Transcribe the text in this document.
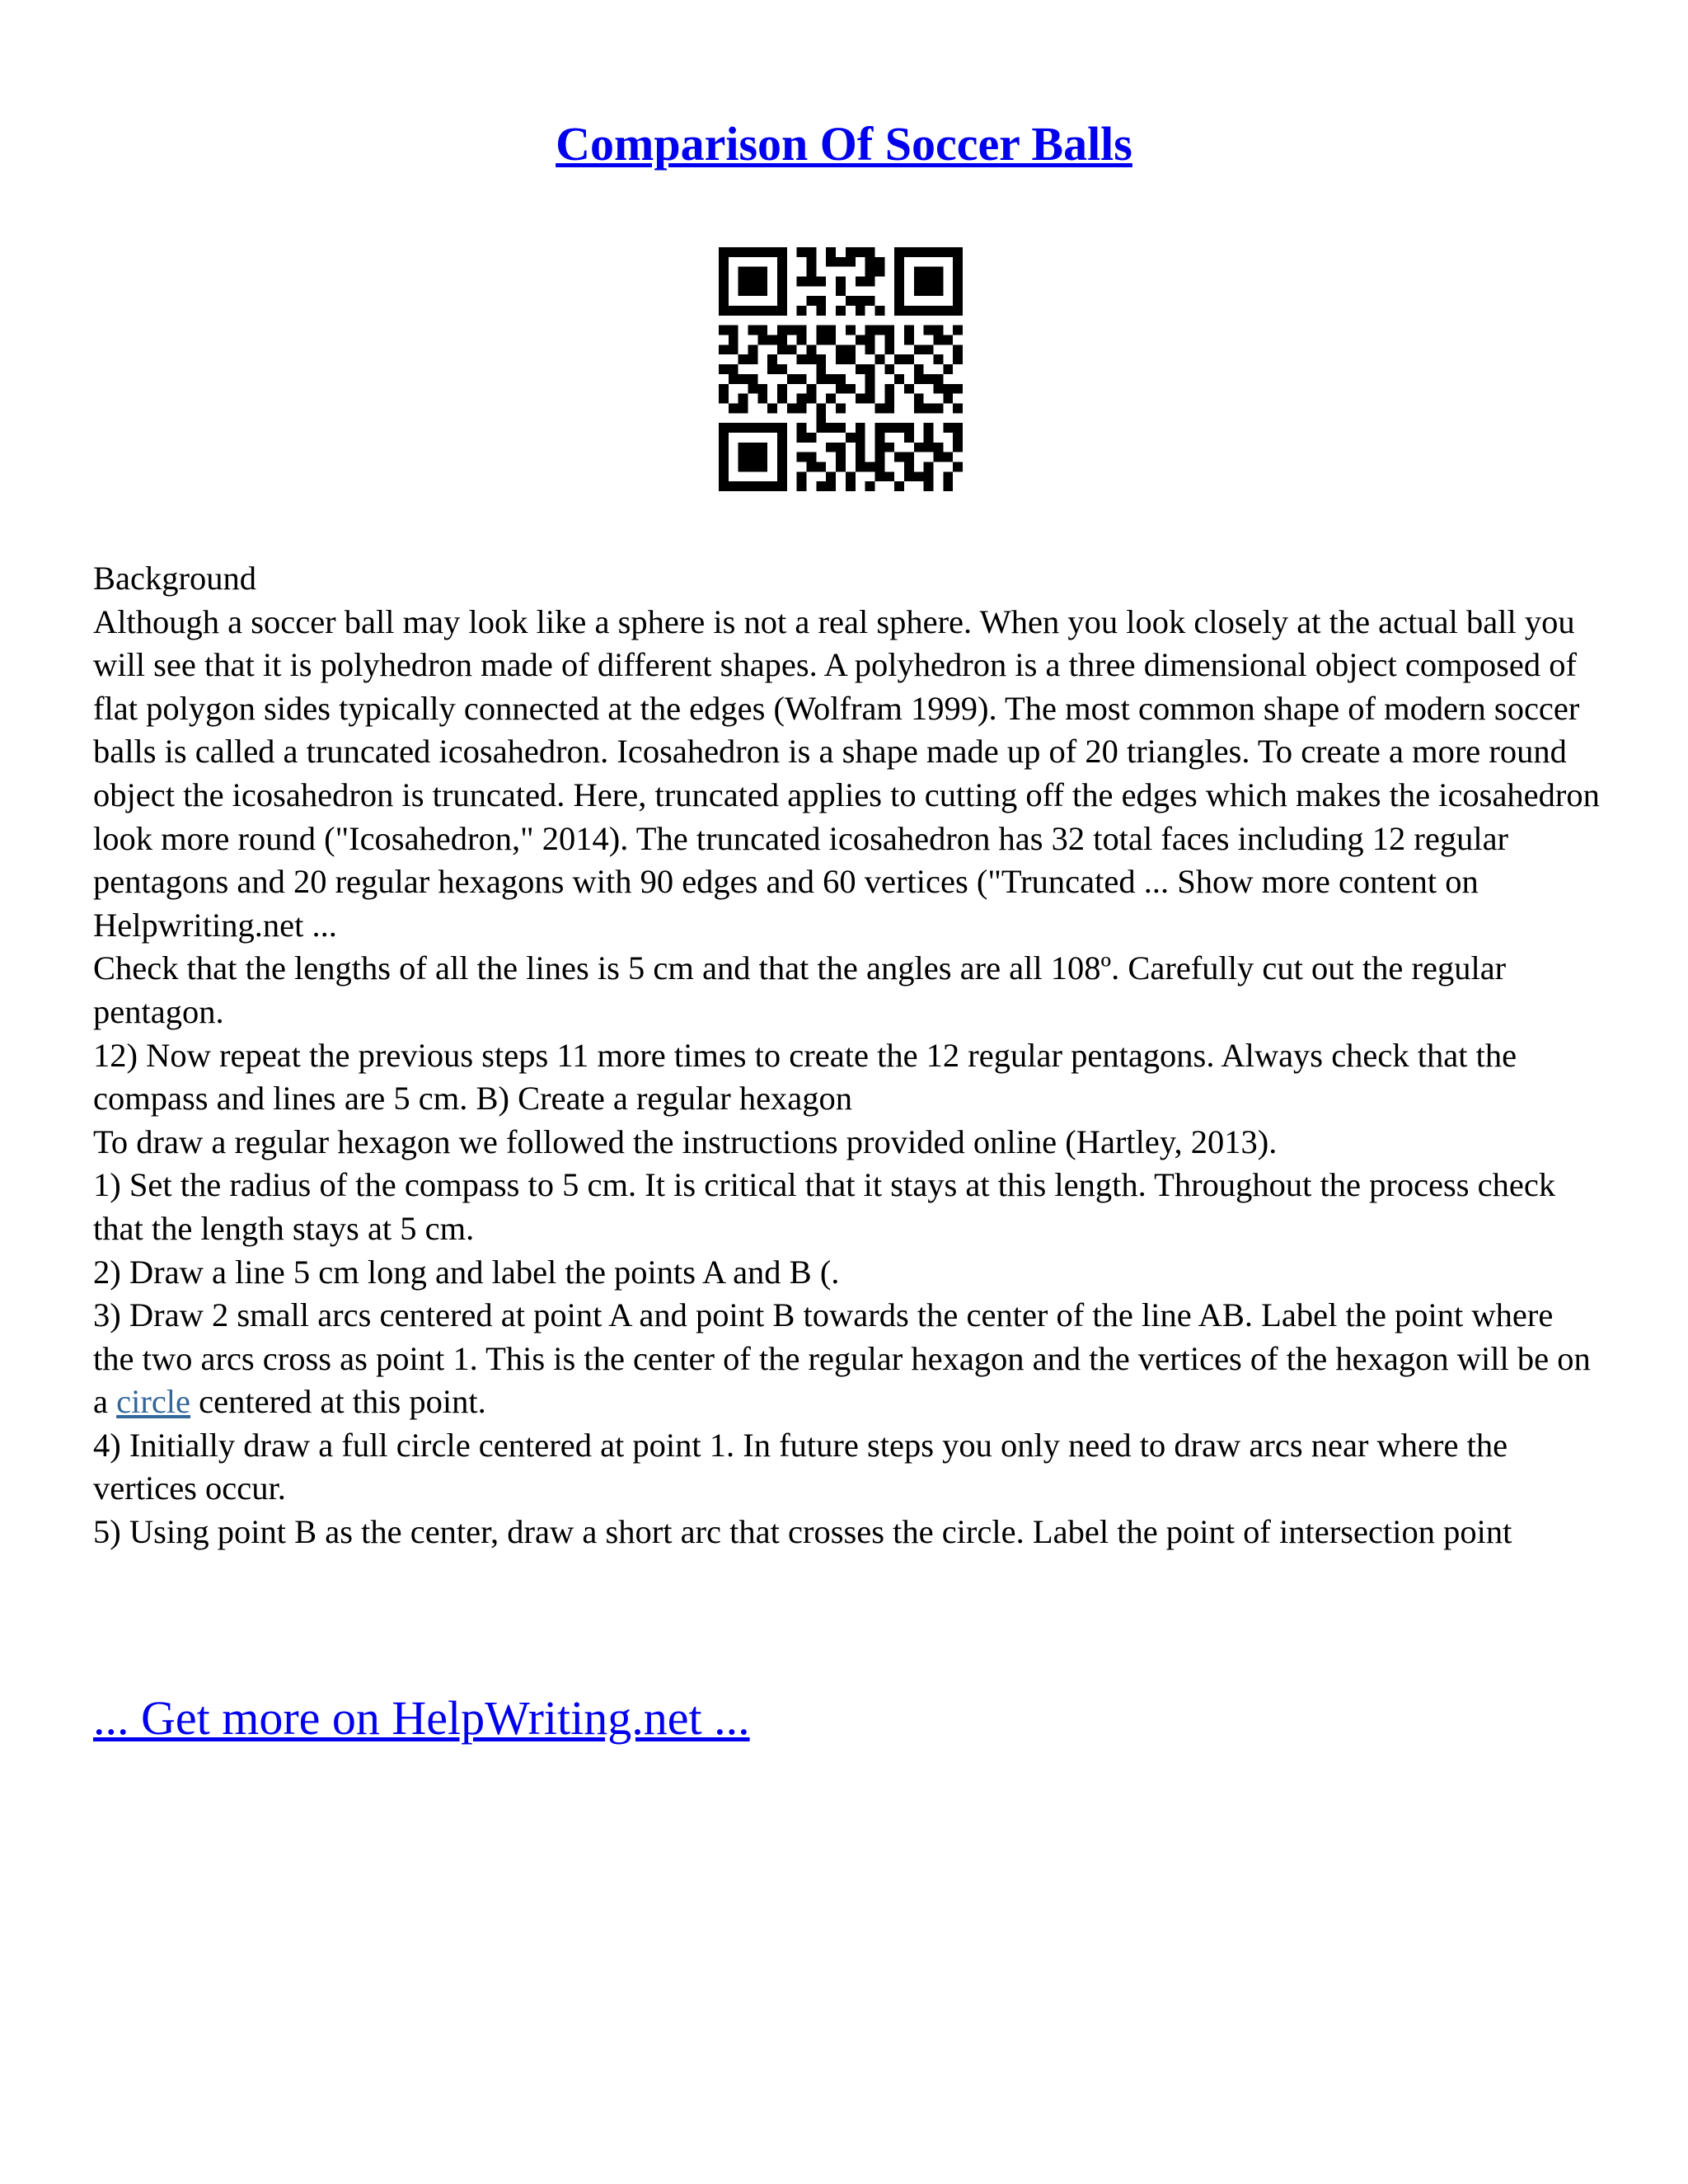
Comparison Of Soccer Balls

Background

Although a soccer ball may look like a sphere is not a real sphere. When you look closely at the actual ball you will see that it is polyhedron made of different shapes. A polyhedron is a three dimensional object composed of flat polygon sides typically connected at the edges (Wolfram 1999). The most common shape of modern soccer balls is called a truncated icosahedron. Icosahedron is a shape made up of 20 triangles. To create a more round object the icosahedron is truncated. Here, truncated applies to cutting off the edges which makes the icosahedron look more round ("Icosahedron," 2014). The truncated icosahedron has 32 total faces including 12 regular pentagons and 20 regular hexagons with 90 edges and 60 vertices ("Truncated ... Show more content on Helpwriting.net ...

Check that the lengths of all the lines is 5 cm and that the angles are all 108º. Carefully cut out the regular pentagon.

12) Now repeat the previous steps 11 more times to create the 12 regular pentagons. Always check that the compass and lines are 5 cm. B) Create a regular hexagon

To draw a regular hexagon we followed the instructions provided online (Hartley, 2013).

1) Set the radius of the compass to 5 cm. It is critical that it stays at this length. Throughout the process check that the length stays at 5 cm.

2) Draw a line 5 cm long and label the points A and B (.

3) Draw 2 small arcs centered at point A and point B towards the center of the line AB. Label the point where the two arcs cross as point 1. This is the center of the regular hexagon and the vertices of the hexagon will be on a circle centered at this point.

4) Initially draw a full circle centered at point 1. In future steps you only need to draw arcs near where the vertices occur.

5) Using point B as the center, draw a short arc that crosses the circle. Label the point of intersection point

... Get more on HelpWriting.net ...
